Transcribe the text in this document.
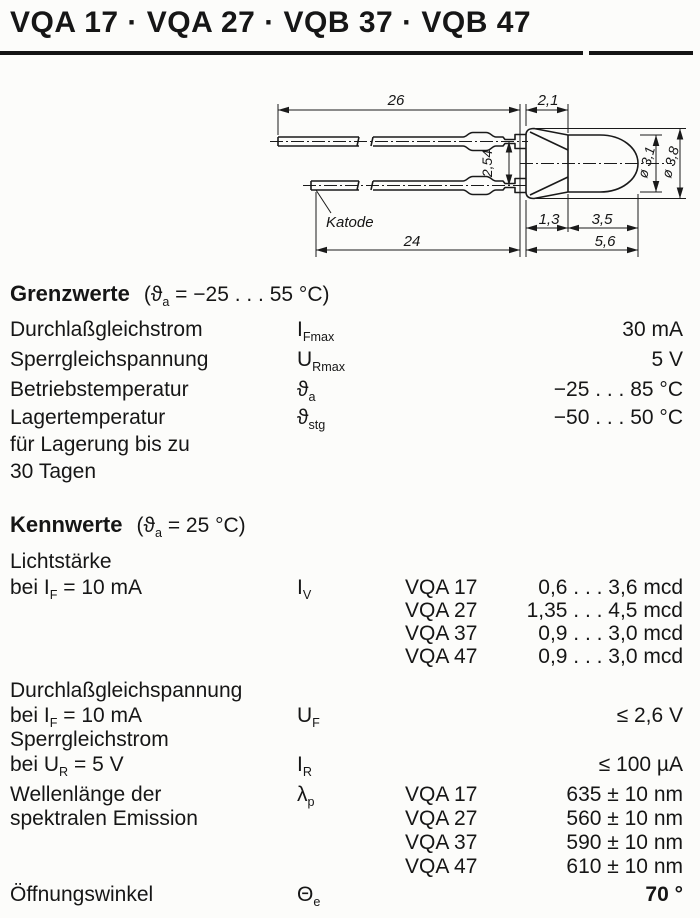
VQA 17 · VQA 27 · VQB 37 · VQB 47
26	2,1
2,54
Katode
24
1,3 3,5
5,6
ø 3,1 ø 3,8
Grenzwerte ($ϑ_a = -25$ . . . 55 °C)
Durchlaßgleichstrom	$I_{Fmax}$	30 mA
Sperrgleichspannung	$U_{Rmax}$	5 V
Betriebstemperatur	$ϑ_a$	−25 . . . 85 °C
Lagertemperatur	$ϑ_{stg}$	−50 . . . 50 °C
für Lagerung bis zu
30 Tagen
Kennwerte ($ϑ_a = 25$ °C)
Lichtstärke
bei $I_F = 10$ mA	$I_V$	VQA 17	0,6 . . . 3,6 mcd
VQA 27	1,35 . . . 4,5 mcd
VQA 37	0,9 . . . 3,0 mcd
VQA 47	0,9 . . . 3,0 mcd
Durchlaßgleichspannung
bei $I_F = 10$ mA	$U_F$	≤ 2,6 V
Sperrgleichstrom
bei $U_R = 5$ V	$I_R$	≤ 100 µA
Wellenlänge der	$\lambda_p$	VQA 17	635 ± 10 nm
spektralen Emission	VQA 27	560 ± 10 nm
VQA 37	590 ± 10 nm
VQA 47	610 ± 10 nm
Öffnungswinkel	$\Theta_e$	70 °
